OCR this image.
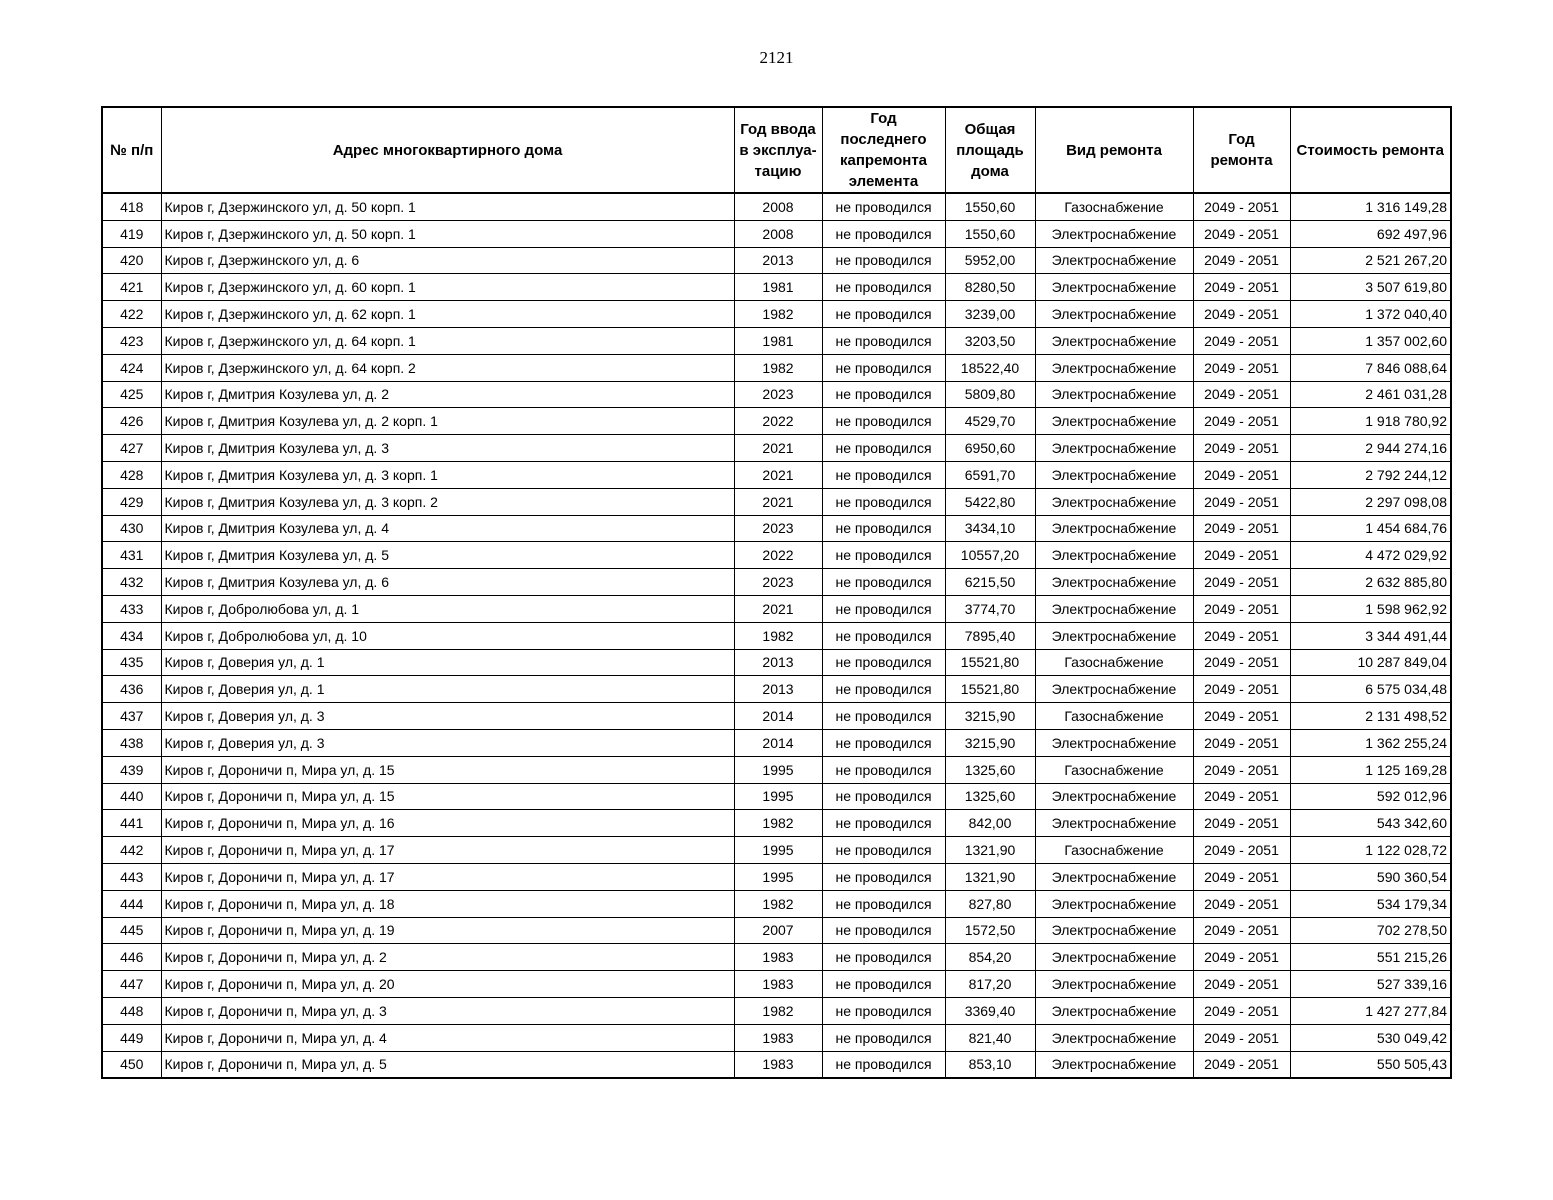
2121
№ п/п	Адрес многоквартирного дома	Год ввода в эксплуа-тацию	Год последнего капремонта элемента	Общая площадь дома	Вид ремонта	Год ремонта	Стоимость ремонта
418	Киров г, Дзержинского ул, д. 50 корп. 1	2008	не проводился	1550,60	Газоснабжение	2049 - 2051	1 316 149,28
419	Киров г, Дзержинского ул, д. 50 корп. 1	2008	не проводился	1550,60	Электроснабжение	2049 - 2051	692 497,96
420	Киров г, Дзержинского ул, д. 6	2013	не проводился	5952,00	Электроснабжение	2049 - 2051	2 521 267,20
421	Киров г, Дзержинского ул, д. 60 корп. 1	1981	не проводился	8280,50	Электроснабжение	2049 - 2051	3 507 619,80
422	Киров г, Дзержинского ул, д. 62 корп. 1	1982	не проводился	3239,00	Электроснабжение	2049 - 2051	1 372 040,40
423	Киров г, Дзержинского ул, д. 64 корп. 1	1981	не проводился	3203,50	Электроснабжение	2049 - 2051	1 357 002,60
424	Киров г, Дзержинского ул, д. 64 корп. 2	1982	не проводился	18522,40	Электроснабжение	2049 - 2051	7 846 088,64
425	Киров г, Дмитрия Козулева ул, д. 2	2023	не проводился	5809,80	Электроснабжение	2049 - 2051	2 461 031,28
426	Киров г, Дмитрия Козулева ул, д. 2 корп. 1	2022	не проводился	4529,70	Электроснабжение	2049 - 2051	1 918 780,92
427	Киров г, Дмитрия Козулева ул, д. 3	2021	не проводился	6950,60	Электроснабжение	2049 - 2051	2 944 274,16
428	Киров г, Дмитрия Козулева ул, д. 3 корп. 1	2021	не проводился	6591,70	Электроснабжение	2049 - 2051	2 792 244,12
429	Киров г, Дмитрия Козулева ул, д. 3 корп. 2	2021	не проводился	5422,80	Электроснабжение	2049 - 2051	2 297 098,08
430	Киров г, Дмитрия Козулева ул, д. 4	2023	не проводился	3434,10	Электроснабжение	2049 - 2051	1 454 684,76
431	Киров г, Дмитрия Козулева ул, д. 5	2022	не проводился	10557,20	Электроснабжение	2049 - 2051	4 472 029,92
432	Киров г, Дмитрия Козулева ул, д. 6	2023	не проводился	6215,50	Электроснабжение	2049 - 2051	2 632 885,80
433	Киров г, Добролюбова ул, д. 1	2021	не проводился	3774,70	Электроснабжение	2049 - 2051	1 598 962,92
434	Киров г, Добролюбова ул, д. 10	1982	не проводился	7895,40	Электроснабжение	2049 - 2051	3 344 491,44
435	Киров г, Доверия ул, д. 1	2013	не проводился	15521,80	Газоснабжение	2049 - 2051	10 287 849,04
436	Киров г, Доверия ул, д. 1	2013	не проводился	15521,80	Электроснабжение	2049 - 2051	6 575 034,48
437	Киров г, Доверия ул, д. 3	2014	не проводился	3215,90	Газоснабжение	2049 - 2051	2 131 498,52
438	Киров г, Доверия ул, д. 3	2014	не проводился	3215,90	Электроснабжение	2049 - 2051	1 362 255,24
439	Киров г, Дороничи п, Мира ул, д. 15	1995	не проводился	1325,60	Газоснабжение	2049 - 2051	1 125 169,28
440	Киров г, Дороничи п, Мира ул, д. 15	1995	не проводился	1325,60	Электроснабжение	2049 - 2051	592 012,96
441	Киров г, Дороничи п, Мира ул, д. 16	1982	не проводился	842,00	Электроснабжение	2049 - 2051	543 342,60
442	Киров г, Дороничи п, Мира ул, д. 17	1995	не проводился	1321,90	Газоснабжение	2049 - 2051	1 122 028,72
443	Киров г, Дороничи п, Мира ул, д. 17	1995	не проводился	1321,90	Электроснабжение	2049 - 2051	590 360,54
444	Киров г, Дороничи п, Мира ул, д. 18	1982	не проводился	827,80	Электроснабжение	2049 - 2051	534 179,34
445	Киров г, Дороничи п, Мира ул, д. 19	2007	не проводился	1572,50	Электроснабжение	2049 - 2051	702 278,50
446	Киров г, Дороничи п, Мира ул, д. 2	1983	не проводился	854,20	Электроснабжение	2049 - 2051	551 215,26
447	Киров г, Дороничи п, Мира ул, д. 20	1983	не проводился	817,20	Электроснабжение	2049 - 2051	527 339,16
448	Киров г, Дороничи п, Мира ул, д. 3	1982	не проводился	3369,40	Электроснабжение	2049 - 2051	1 427 277,84
449	Киров г, Дороничи п, Мира ул, д. 4	1983	не проводился	821,40	Электроснабжение	2049 - 2051	530 049,42
450	Киров г, Дороничи п, Мира ул, д. 5	1983	не проводился	853,10	Электроснабжение	2049 - 2051	550 505,43
